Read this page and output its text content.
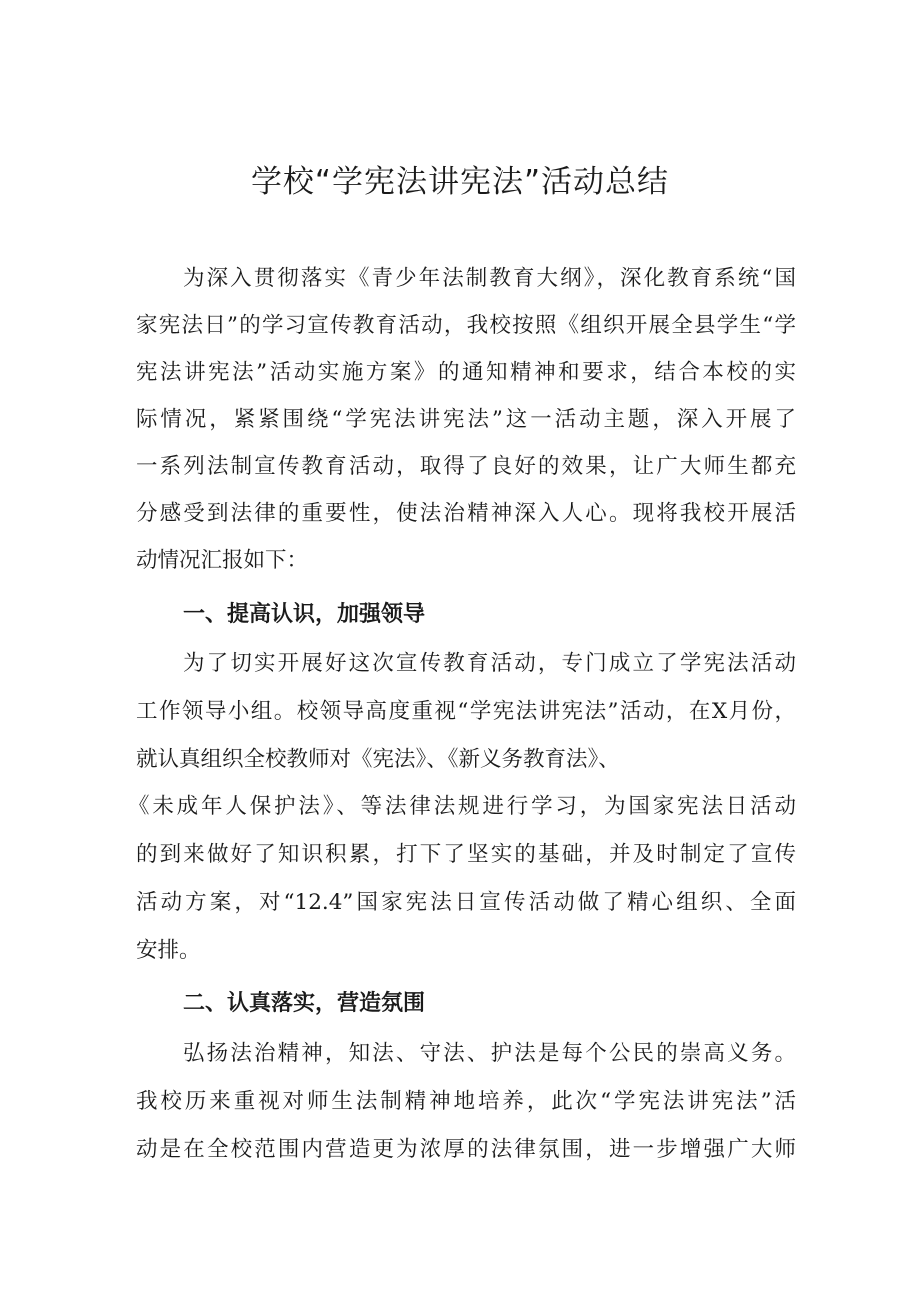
学校“学宪法讲宪法”活动总结
为深入贯彻落实《青少年法制教育大纲》，深化教育系统“国
家宪法日”的学习宣传教育活动，我校按照《组织开展全县学生“学
宪法讲宪法”活动实施方案》的通知精神和要求，结合本校的实
际情况，紧紧围绕“学宪法讲宪法”这一活动主题，深入开展了
一系列法制宣传教育活动，取得了良好的效果，让广大师生都充
分感受到法律的重要性，使法治精神深入人心。现将我校开展活
动情况汇报如下：
一、提高认识，加强领导
为了切实开展好这次宣传教育活动，专门成立了学宪法活动
工作领导小组。校领导高度重视“学宪法讲宪法”活动，在X月份，
就认真组织全校教师对《宪法》、《新义务教育法》、
《未成年人保护法》、等法律法规进行学习，为国家宪法日活动
的到来做好了知识积累，打下了坚实的基础，并及时制定了宣传
活动方案，对“12.4”国家宪法日宣传活动做了精心组织、全面
安排。
二、认真落实，营造氛围
弘扬法治精神，知法、守法、护法是每个公民的崇高义务。
我校历来重视对师生法制精神地培养，此次“学宪法讲宪法”活
动是在全校范围内营造更为浓厚的法律氛围，进一步增强广大师
